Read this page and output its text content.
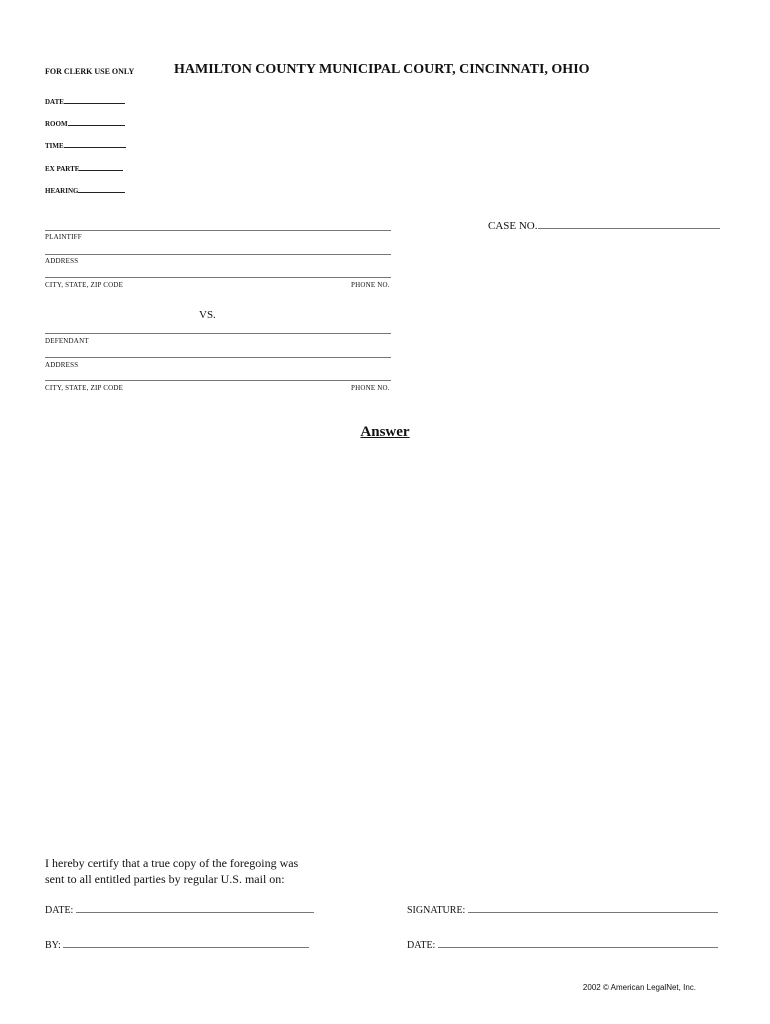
FOR CLERK USE ONLY	HAMILTON COUNTY MUNICIPAL COURT, CINCINNATI, OHIO
DATE
ROOM
TIME
EX PARTE
HEARING
PLAINTIFF
CASE NO.
ADDRESS
CITY, STATE, ZIP CODE	PHONE NO.
VS.
DEFENDANT
ADDRESS
CITY, STATE, ZIP CODE	PHONE NO.
Answer
I hereby certify that a true copy of the foregoing was
sent to all entitled parties by regular U.S. mail on:
DATE:	SIGNATURE:
BY:	DATE:
2002 © American LegalNet, Inc.
